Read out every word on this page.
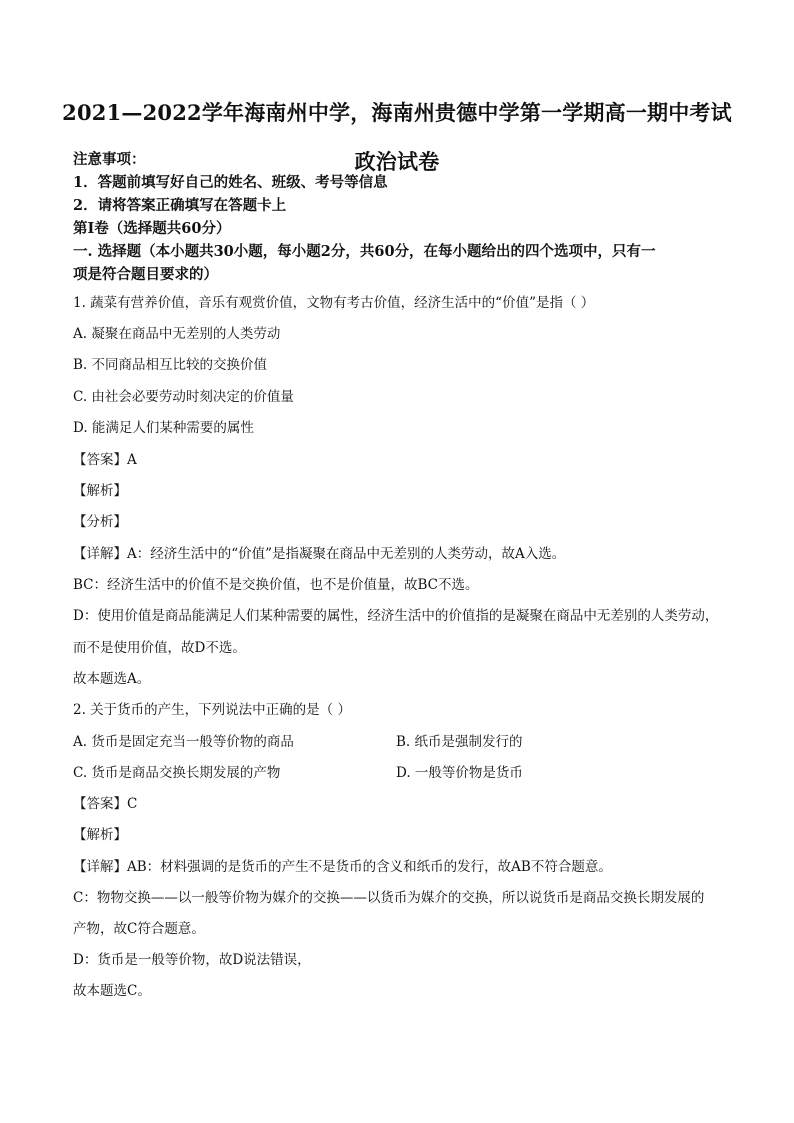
2021—2022学年海南州中学，海南州贵德中学第一学期高一期中考试
政治试卷
注意事项：
1．答题前填写好自己的姓名、班级、考号等信息
2．请将答案正确填写在答题卡上
第I卷（选择题共60分）
一. 选择题（本小题共30小题，每小题2分，共60分，在每小题给出的四个选项中，只有一
项是符合题目要求的）
1. 蔬菜有营养价值，音乐有观赏价值，文物有考古价值，经济生活中的“价值”是指（ ）
A. 凝聚在商品中无差别的人类劳动
B. 不同商品相互比较的交换价值
C. 由社会必要劳动时刻决定的价值量
D. 能满足人们某种需要的属性
【答案】A
【解析】
【分析】
【详解】A：经济生活中的“价值”是指凝聚在商品中无差别的人类劳动，故A入选。
BC：经济生活中的价值不是交换价值，也不是价值量，故BC不选。
D：使用价值是商品能满足人们某种需要的属性，经济生活中的价值指的是凝聚在商品中无差别的人类劳动，
而不是使用价值，故D不选。
故本题选A。
2. 关于货币的产生，下列说法中正确的是（ ）
A. 货币是固定充当一般等价物的商品	B. 纸币是强制发行的
C. 货币是商品交换长期发展的产物	D. 一般等价物是货币
【答案】C
【解析】
【详解】AB：材料强调的是货币的产生不是货币的含义和纸币的发行，故AB不符合题意。
C：物物交换——以一般等价物为媒介的交换——以货币为媒介的交换，所以说货币是商品交换长期发展的
产物，故C符合题意。
D：货币是一般等价物，故D说法错误，
故本题选C。
